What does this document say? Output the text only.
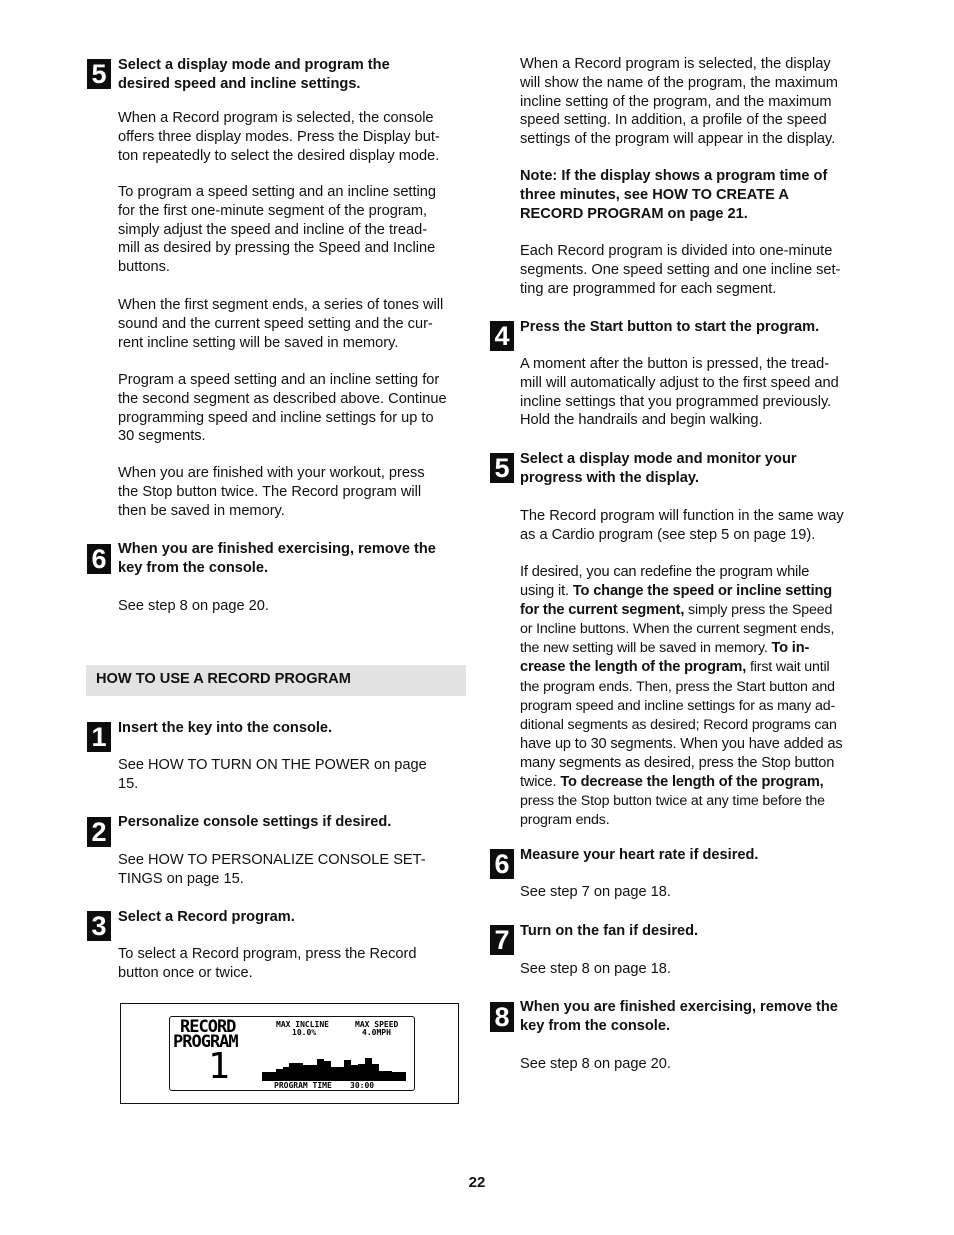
5 Select a display mode and program the
desired speed and incline settings.
When a Record program is selected, the console
offers three display modes. Press the Display but-
ton repeatedly to select the desired display mode.
To program a speed setting and an incline setting
for the first one-minute segment of the program,
simply adjust the speed and incline of the tread-
mill as desired by pressing the Speed and Incline
buttons.
When the first segment ends, a series of tones will
sound and the current speed setting and the cur-
rent incline setting will be saved in memory.
Program a speed setting and an incline setting for
the second segment as described above. Continue
programming speed and incline settings for up to
30 segments.
When you are finished with your workout, press
the Stop button twice. The Record program will
then be saved in memory.
6 When you are finished exercising, remove the
key from the console.
See step 8 on page 20.
HOW TO USE A RECORD PROGRAM
1 Insert the key into the console.
See HOW TO TURN ON THE POWER on page
15.
2 Personalize console settings if desired.
See HOW TO PERSONALIZE CONSOLE SET-
TINGS on page 15.
3 Select a Record program.
To select a Record program, press the Record
button once or twice.
RECORD
PROGRAM
1
MAX INCLINE
10.0%
MAX SPEED
4.0MPH
PROGRAM TIME 30:00
When a Record program is selected, the display
will show the name of the program, the maximum
incline setting of the program, and the maximum
speed setting. In addition, a profile of the speed
settings of the program will appear in the display.
Note: If the display shows a program time of
three minutes, see HOW TO CREATE A
RECORD PROGRAM on page 21.
Each Record program is divided into one-minute
segments. One speed setting and one incline set-
ting are programmed for each segment.
4 Press the Start button to start the program.
A moment after the button is pressed, the tread-
mill will automatically adjust to the first speed and
incline settings that you programmed previously.
Hold the handrails and begin walking.
5 Select a display mode and monitor your
progress with the display.
The Record program will function in the same way
as a Cardio program (see step 5 on page 19).
If desired, you can redefine the program while
using it. To change the speed or incline setting
for the current segment, simply press the Speed
or Incline buttons. When the current segment ends,
the new setting will be saved in memory. To in-
crease the length of the program, first wait until
the program ends. Then, press the Start button and
program speed and incline settings for as many ad-
ditional segments as desired; Record programs can
have up to 30 segments. When you have added as
many segments as desired, press the Stop button
twice. To decrease the length of the program,
press the Stop button twice at any time before the
program ends.
6 Measure your heart rate if desired.
See step 7 on page 18.
7 Turn on the fan if desired.
See step 8 on page 18.
8 When you are finished exercising, remove the
key from the console.
See step 8 on page 20.
22
